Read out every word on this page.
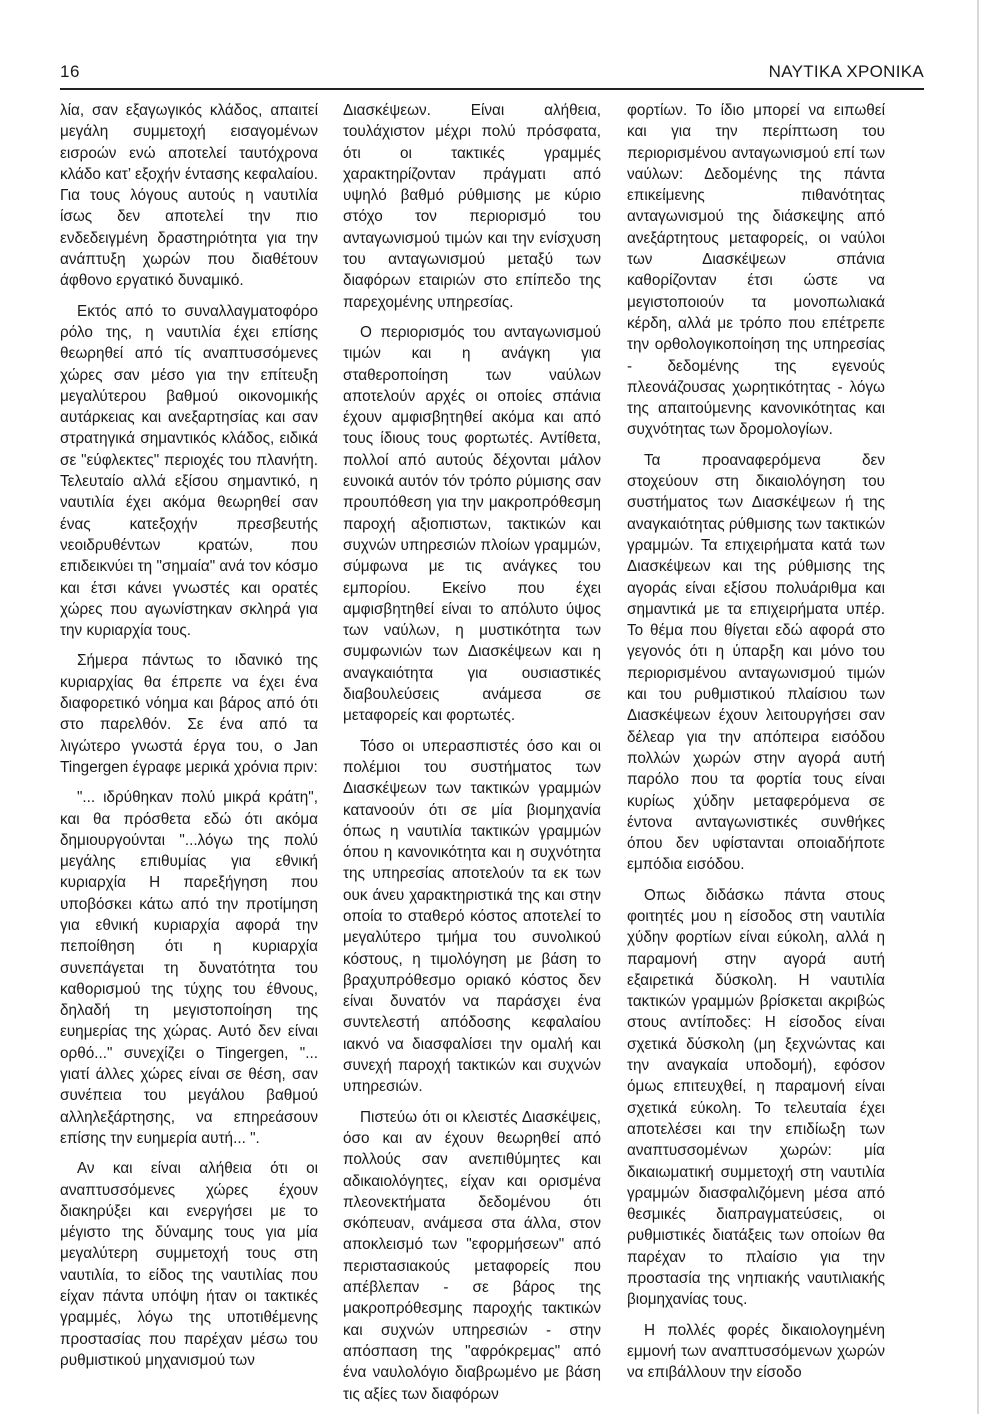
16	ΝΑΥΤΙΚΑ ΧΡΟΝΙΚΑ

λία, σαν εξαγωγικός κλάδος, απαιτεί μεγάλη συμμετοχή εισαγομένων εισροών ενώ αποτελεί ταυτόχρονα κλάδο κατ’ εξοχήν έντασης κεφαλαίου. Για τους λόγους αυτούς η ναυτιλία ίσως δεν αποτελεί την πιο ενδεδειγμένη δραστηριότητα για την ανάπτυξη χωρών που διαθέτουν άφθονο εργατικό δυναμικό.

Εκτός από το συναλλαγματοφόρο ρόλο της, η ναυτιλία έχει επίσης θεωρηθεί από τίς αναπτυσσόμενες χώρες σαν μέσο για την επίτευξη μεγαλύτερου βαθμού οικονομικής αυτάρκειας και ανεξαρτησίας και σαν στρατηγικά σημαντικός κλάδος, ειδικά σε "εύφλεκτες" περιοχές του πλανήτη. Τελευταίο αλλά εξίσου σημαντικό, η ναυτιλία έχει ακόμα θεωρηθεί σαν ένας κατεξοχήν πρεσβευτής νεοιδρυθέντων κρατών, που επιδεικνύει τη "σημαία" ανά τον κόσμο και έτσι κάνει γνωστές και ορατές χώρες που αγωνίστηκαν σκληρά για την κυριαρχία τους.

Σήμερα πάντως το ιδανικό της κυριαρχίας θα έπρεπε να έχει ένα διαφορετικό νόημα και βάρος από ότι στο παρελθόν. Σε ένα από τα λιγώτερο γνωστά έργα του, ο Jan Tingergen έγραφε μερικά χρόνια πριν:

"... ιδρύθηκαν πολύ μικρά κράτη", και θα πρόσθετα εδώ ότι ακόμα δημιουργούνται "...λόγω της πολύ μεγάλης επιθυμίας για εθνική κυριαρχία Η παρεξήγηση που υποβόσκει κάτω από την προτίμηση για εθνική κυριαρχία αφορά την πεποίθηση ότι η κυριαρχία συνεπάγεται τη δυνατότητα του καθορισμού της τύχης του έθνους, δηλαδή τη μεγιστοποίηση της ευημερίας της χώρας. Αυτό δεν είναι ορθό..." συνεχίζει ο Tingergen, "... γιατί άλλες χώρες είναι σε θέση, σαν συνέπεια του μεγάλου βαθμού αλληλεξάρτησης, να επηρεάσουν επίσης την ευημερία αυτή... ".

Αν και είναι αλήθεια ότι οι αναπτυσσόμενες χώρες έχουν διακηρύξει και ενεργήσει με το μέγιστο της δύναμης τους για μία μεγαλύτερη συμμετοχή τους στη ναυτιλία, το είδος της ναυτιλίας που είχαν πάντα υπόψη ήταν οι τακτικές γραμμές, λόγω της υποτιθέμενης προστασίας που παρέχαν μέσω του ρυθμιστικού μηχανισμού των

Διασκέψεων. Είναι αλήθεια, τουλάχιστον μέχρι πολύ πρόσφατα, ότι οι τακτικές γραμμές χαρακτηρίζονταν πράγματι από υψηλό βαθμό ρύθμισης με κύριο στόχο τον περιορισμό του ανταγωνισμού τιμών και την ενίσχυση του ανταγωνισμού μεταξύ των διαφόρων εταιριών στο επίπεδο της παρεχομένης υπηρεσίας.

Ο περιορισμός του ανταγωνισμού τιμών και η ανάγκη για σταθεροποίηση των ναύλων αποτελούν αρχές οι οποίες σπάνια έχουν αμφισβητηθεί ακόμα και από τους ίδιους τους φορτωτές. Αντίθετα, πολλοί από αυτούς δέχονται μάλον ευνοικά αυτόν τόν τρόπο ρύμισης σαν προυπόθεση για την μακροπρόθεσμη παροχή αξιοπιστων, τακτικών και συχνών υπηρεσιών πλοίων γραμμών, σύμφωνα με τις ανάγκες του εμπορίου. Εκείνο που έχει αμφισβητηθεί είναι το απόλυτο ύψος των ναύλων, η μυστικότητα των συμφωνιών των Διασκέψεων και η αναγκαιότητα για ουσιαστικές διαβουλεύσεις ανάμεσα σε μεταφορείς και φορτωτές.

Τόσο οι υπερασπιστές όσο και οι πολέμιοι του συστήματος των Διασκέψεων των τακτικών γραμμών κατανοούν ότι σε μία βιομηχανία όπως η ναυτιλία τακτικών γραμμών όπου η κανονικότητα και η συχνότητα της υπηρεσίας αποτελούν τα εκ των ουκ άνευ χαρακτηριστικά της και στην οποία το σταθερό κόστος αποτελεί το μεγαλύτερο τμήμα του συνολικού κόστους, η τιμολόγηση με βάση το βραχυπρόθεσμο οριακό κόστος δεν είναι δυνατόν να παράσχει ένα συντελεστή απόδοσης κεφαλαίου ιακνό να διασφαλίσει την ομαλή και συνεχή παροχή τακτικών και συχνών υπηρεσιών.

Πιστεύω ότι οι κλειστές Διασκέψεις, όσο και αν έχουν θεωρηθεί από πολλούς σαν ανεπιθύμητες και αδικαιολόγητες, είχαν και ορισμένα πλεονεκτήματα δεδομένου ότι σκόπευαν, ανάμεσα στα άλλα, στον αποκλεισμό των "εφορμήσεων" από περιστασιακούς μεταφορείς που απέβλεπαν - σε βάρος της μακροπρόθεσμης παροχής τακτικών και συχνών υπηρεσιών - στην απόσπαση της "αφρόκρεμας" από ένα ναυλολόγιο διαβρωμένο με βάση τις αξίες των διαφόρων

φορτίων. Το ίδιο μπορεί να ειπωθεί και για την περίπτωση του περιορισμένου ανταγωνισμού επί των ναύλων: Δεδομένης της πάντα επικείμενης πιθανότητας ανταγωνισμού της διάσκεψης από ανεξάρτητους μεταφορείς, οι ναύλοι των Διασκέψεων σπάνια καθορίζονταν έτσι ώστε να μεγιστοποιούν τα μονοπωλιακά κέρδη, αλλά με τρόπο που επέτρεπε την ορθολογικοποίηση της υπηρεσίας - δεδομένης της εγενούς πλεονάζουσας χωρητικότητας - λόγω της απαιτούμενης κανονικότητας και συχνότητας των δρομολογίων.

Τα προαναφερόμενα δεν στοχεύουν στη δικαιολόγηση του συστήματος των Διασκέψεων ή της αναγκαιότητας ρύθμισης των τακτικών γραμμών. Τα επιχειρήματα κατά των Διασκέψεων και της ρύθμισης της αγοράς είναι εξίσου πολυάριθμα και σημαντικά με τα επιχειρήματα υπέρ. Το θέμα που θίγεται εδώ αφορά στο γεγονός ότι η ύπαρξη και μόνο του περιορισμένου ανταγωνισμού τιμών και του ρυθμιστικού πλαίσιου των Διασκέψεων έχουν λειτουργήσει σαν δέλεαρ για την απόπειρα εισόδου πολλών χωρών στην αγορά αυτή παρόλο που τα φορτία τους είναι κυρίως χύδην μεταφερόμενα σε έντονα ανταγωνιστικές συνθήκες όπου δεν υφίστανται οποιαδήποτε εμπόδια εισόδου.

Οπως διδάσκω πάντα στους φοιτητές μου η είσοδος στη ναυτιλία χύδην φορτίων είναι εύκολη, αλλά η παραμονή στην αγορά αυτή εξαιρετικά δύσκολη. Η ναυτιλία τακτικών γραμμών βρίσκεται ακριβώς στους αντίποδες: Η είσοδος είναι σχετικά δύσκολη (μη ξεχνώντας και την αναγκαία υποδομή), εφόσον όμως επιτευχθεί, η παραμονή είναι σχετικά εύκολη. Το τελευταία έχει αποτελέσει και την επιδίωξη των αναπτυσσομένων χωρών: μία δικαιωματική συμμετοχή στη ναυτιλία γραμμών διασφαλιζόμενη μέσα από θεσμικές διαπραγματεύσεις, οι ρυθμιστικές διατάξεις των οποίων θα παρέχαν το πλαίσιο για την προστασία της νηπιακής ναυτιλιακής βιομηχανίας τους.

Η πολλές φορές δικαιολογημένη εμμονή των αναπτυσσόμενων χωρών να επιβάλλουν την είσοδο
